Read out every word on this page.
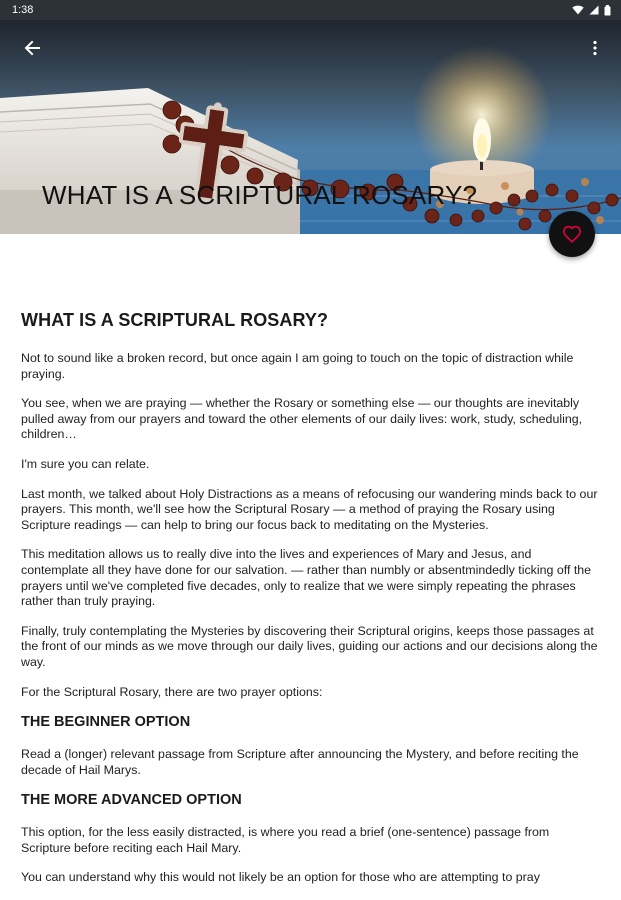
1:38
WHAT IS A SCRIPTURAL ROSARY?
WHAT IS A SCRIPTURAL ROSARY?

Not to sound like a broken record, but once again I am going to touch on the topic of distraction while praying.

You see, when we are praying — whether the Rosary or something else — our thoughts are inevitably pulled away from our prayers and toward the other elements of our daily lives: work, study, scheduling, children…

I'm sure you can relate.

Last month, we talked about Holy Distractions as a means of refocusing our wandering minds back to our prayers. This month, we'll see how the Scriptural Rosary — a method of praying the Rosary using Scripture readings — can help to bring our focus back to meditating on the Mysteries.

This meditation allows us to really dive into the lives and experiences of Mary and Jesus, and contemplate all they have done for our salvation. — rather than numbly or absentmindedly ticking off the prayers until we've completed five decades, only to realize that we were simply repeating the phrases rather than truly praying.

Finally, truly contemplating the Mysteries by discovering their Scriptural origins, keeps those passages at the front of our minds as we move through our daily lives, guiding our actions and our decisions along the way.

For the Scriptural Rosary, there are two prayer options:

THE BEGINNER OPTION

Read a (longer) relevant passage from Scripture after announcing the Mystery, and before reciting the decade of Hail Marys.

THE MORE ADVANCED OPTION

This option, for the less easily distracted, is where you read a brief (one-sentence) passage from Scripture before reciting each Hail Mary.

You can understand why this would not likely be an option for those who are attempting to pray
